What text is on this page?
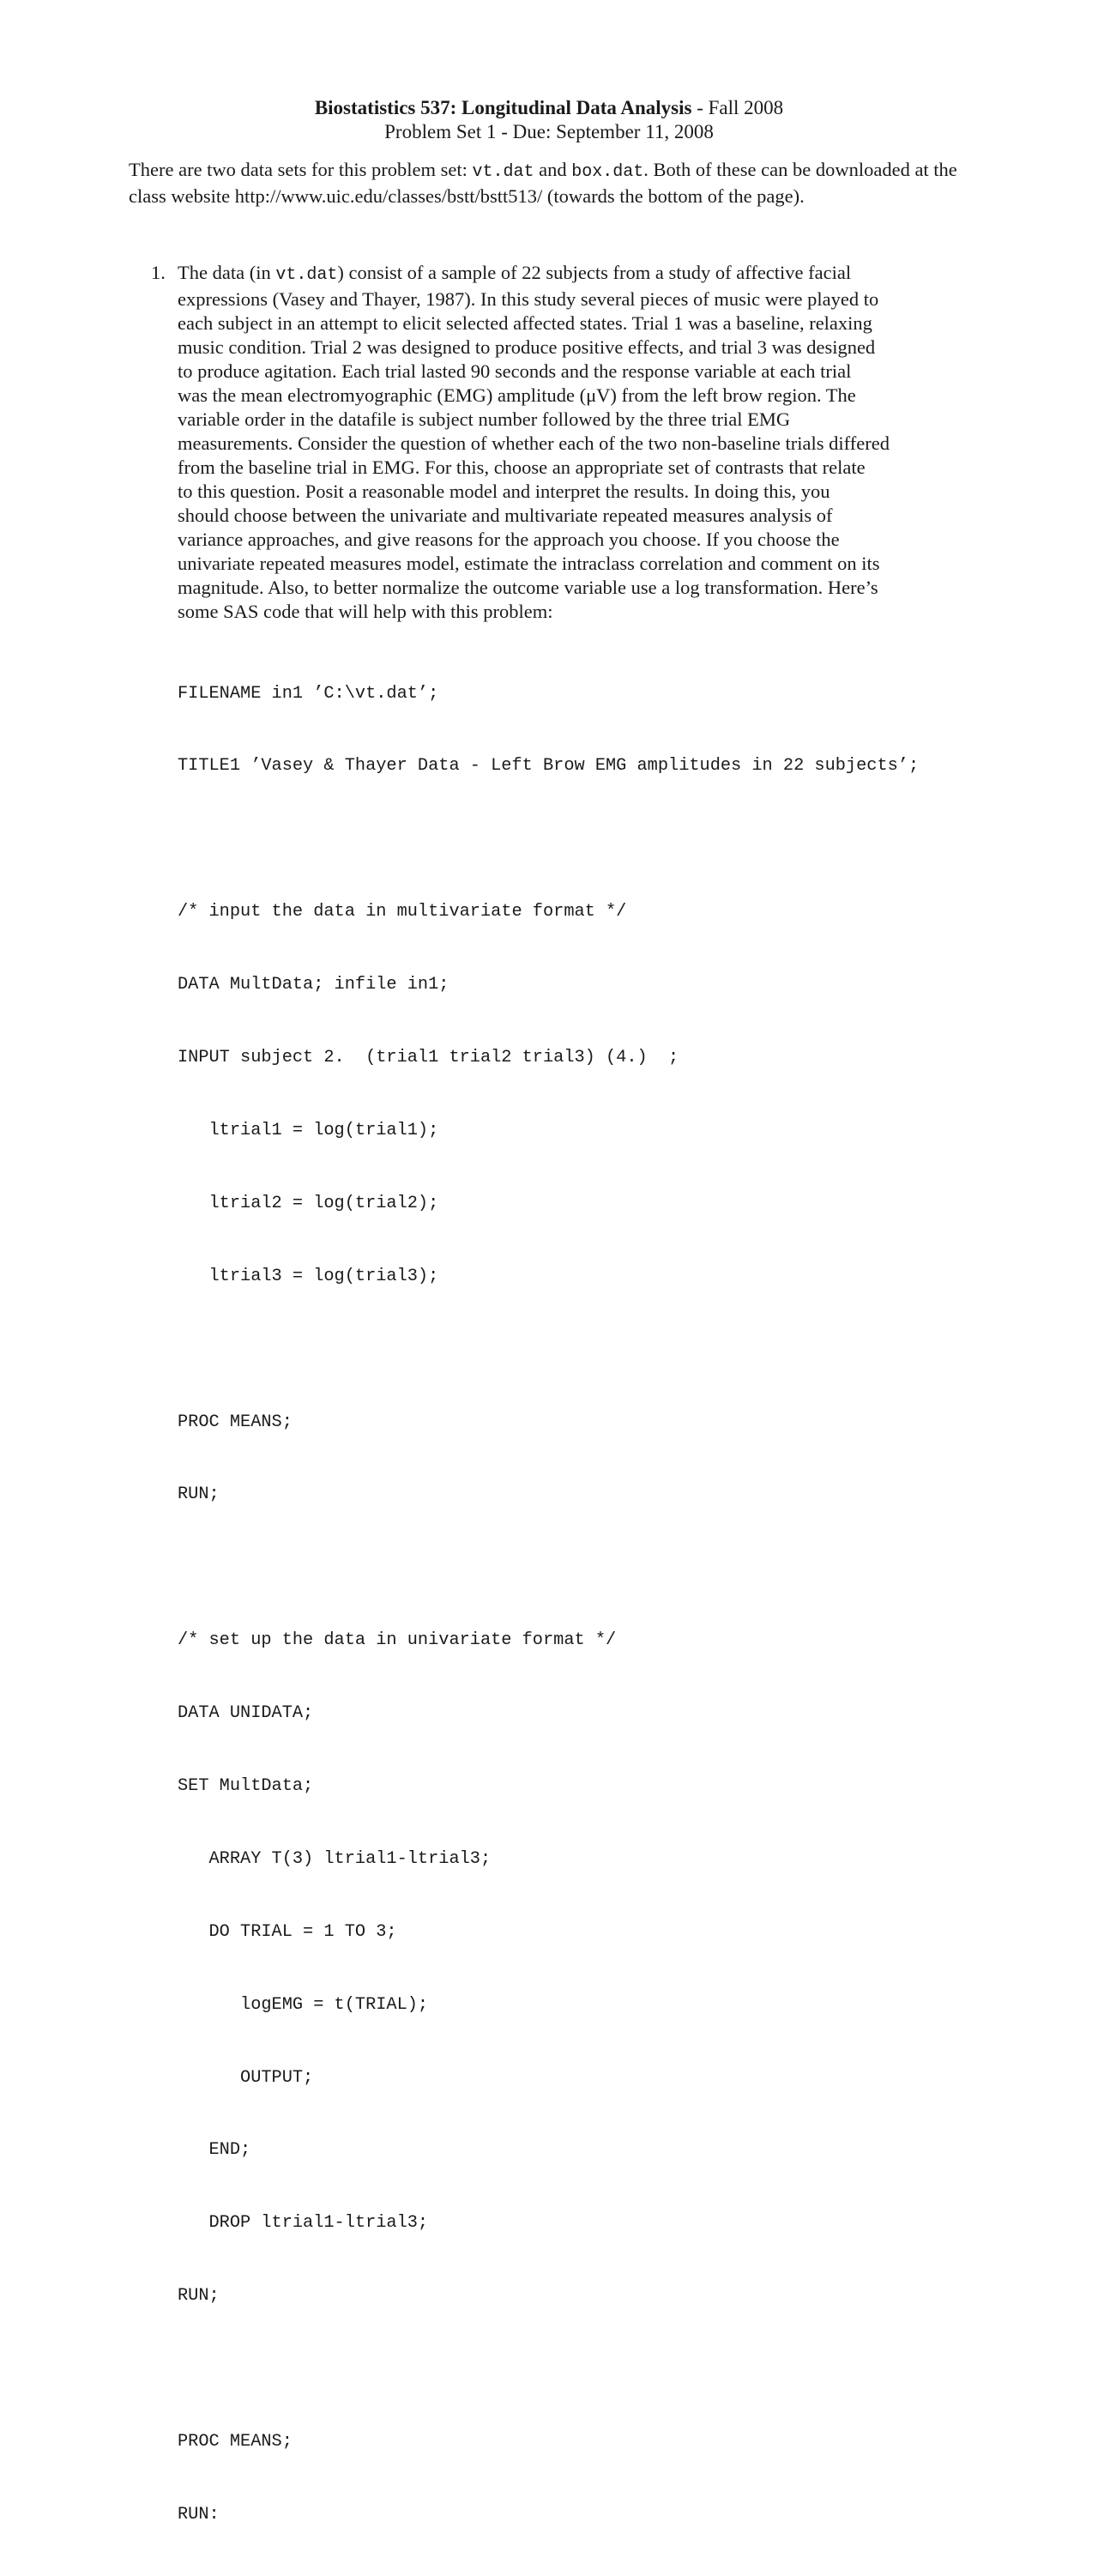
Biostatistics 537: Longitudinal Data Analysis - Fall 2008
Problem Set 1 - Due: September 11, 2008
There are two data sets for this problem set: vt.dat and box.dat. Both of these can be downloaded at the class website http://www.uic.edu/classes/bstt/bstt513/ (towards the bottom of the page).
1. The data (in vt.dat) consist of a sample of 22 subjects from a study of affective facial
expressions (Vasey and Thayer, 1987). In this study several pieces of music were played to
each subject in an attempt to elicit selected affected states. Trial 1 was a baseline, relaxing
music condition. Trial 2 was designed to produce positive effects, and trial 3 was designed
to produce agitation. Each trial lasted 90 seconds and the response variable at each trial
was the mean electromyographic (EMG) amplitude (μV) from the left brow region. The
variable order in the datafile is subject number followed by the three trial EMG
measurements. Consider the question of whether each of the two non-baseline trials differed
from the baseline trial in EMG. For this, choose an appropriate set of contrasts that relate
to this question. Posit a reasonable model and interpret the results. In doing this, you
should choose between the univariate and multivariate repeated measures analysis of
variance approaches, and give reasons for the approach you choose. If you choose the
univariate repeated measures model, estimate the intraclass correlation and comment on its
magnitude. Also, to better normalize the outcome variable use a log transformation. Here’s
some SAS code that will help with this problem:

FILENAME in1 ’C:\vt.dat’;

TITLE1 ’Vasey & Thayer Data - Left Brow EMG amplitudes in 22 subjects’;

/* input the data in multivariate format */

DATA MultData; infile in1;

INPUT subject 2.  (trial1 trial2 trial3) (4.)  ;

ltrial1 = log(trial1);

ltrial2 = log(trial2);

ltrial3 = log(trial3);

PROC MEANS;

RUN;

/* set up the data in univariate format */

DATA UNIDATA;

SET MultData;

ARRAY T(3) ltrial1-ltrial3;

DO TRIAL = 1 TO 3;

logEMG = t(TRIAL);

OUTPUT;

END;

DROP ltrial1-ltrial3;

RUN;

PROC MEANS;

RUN:
